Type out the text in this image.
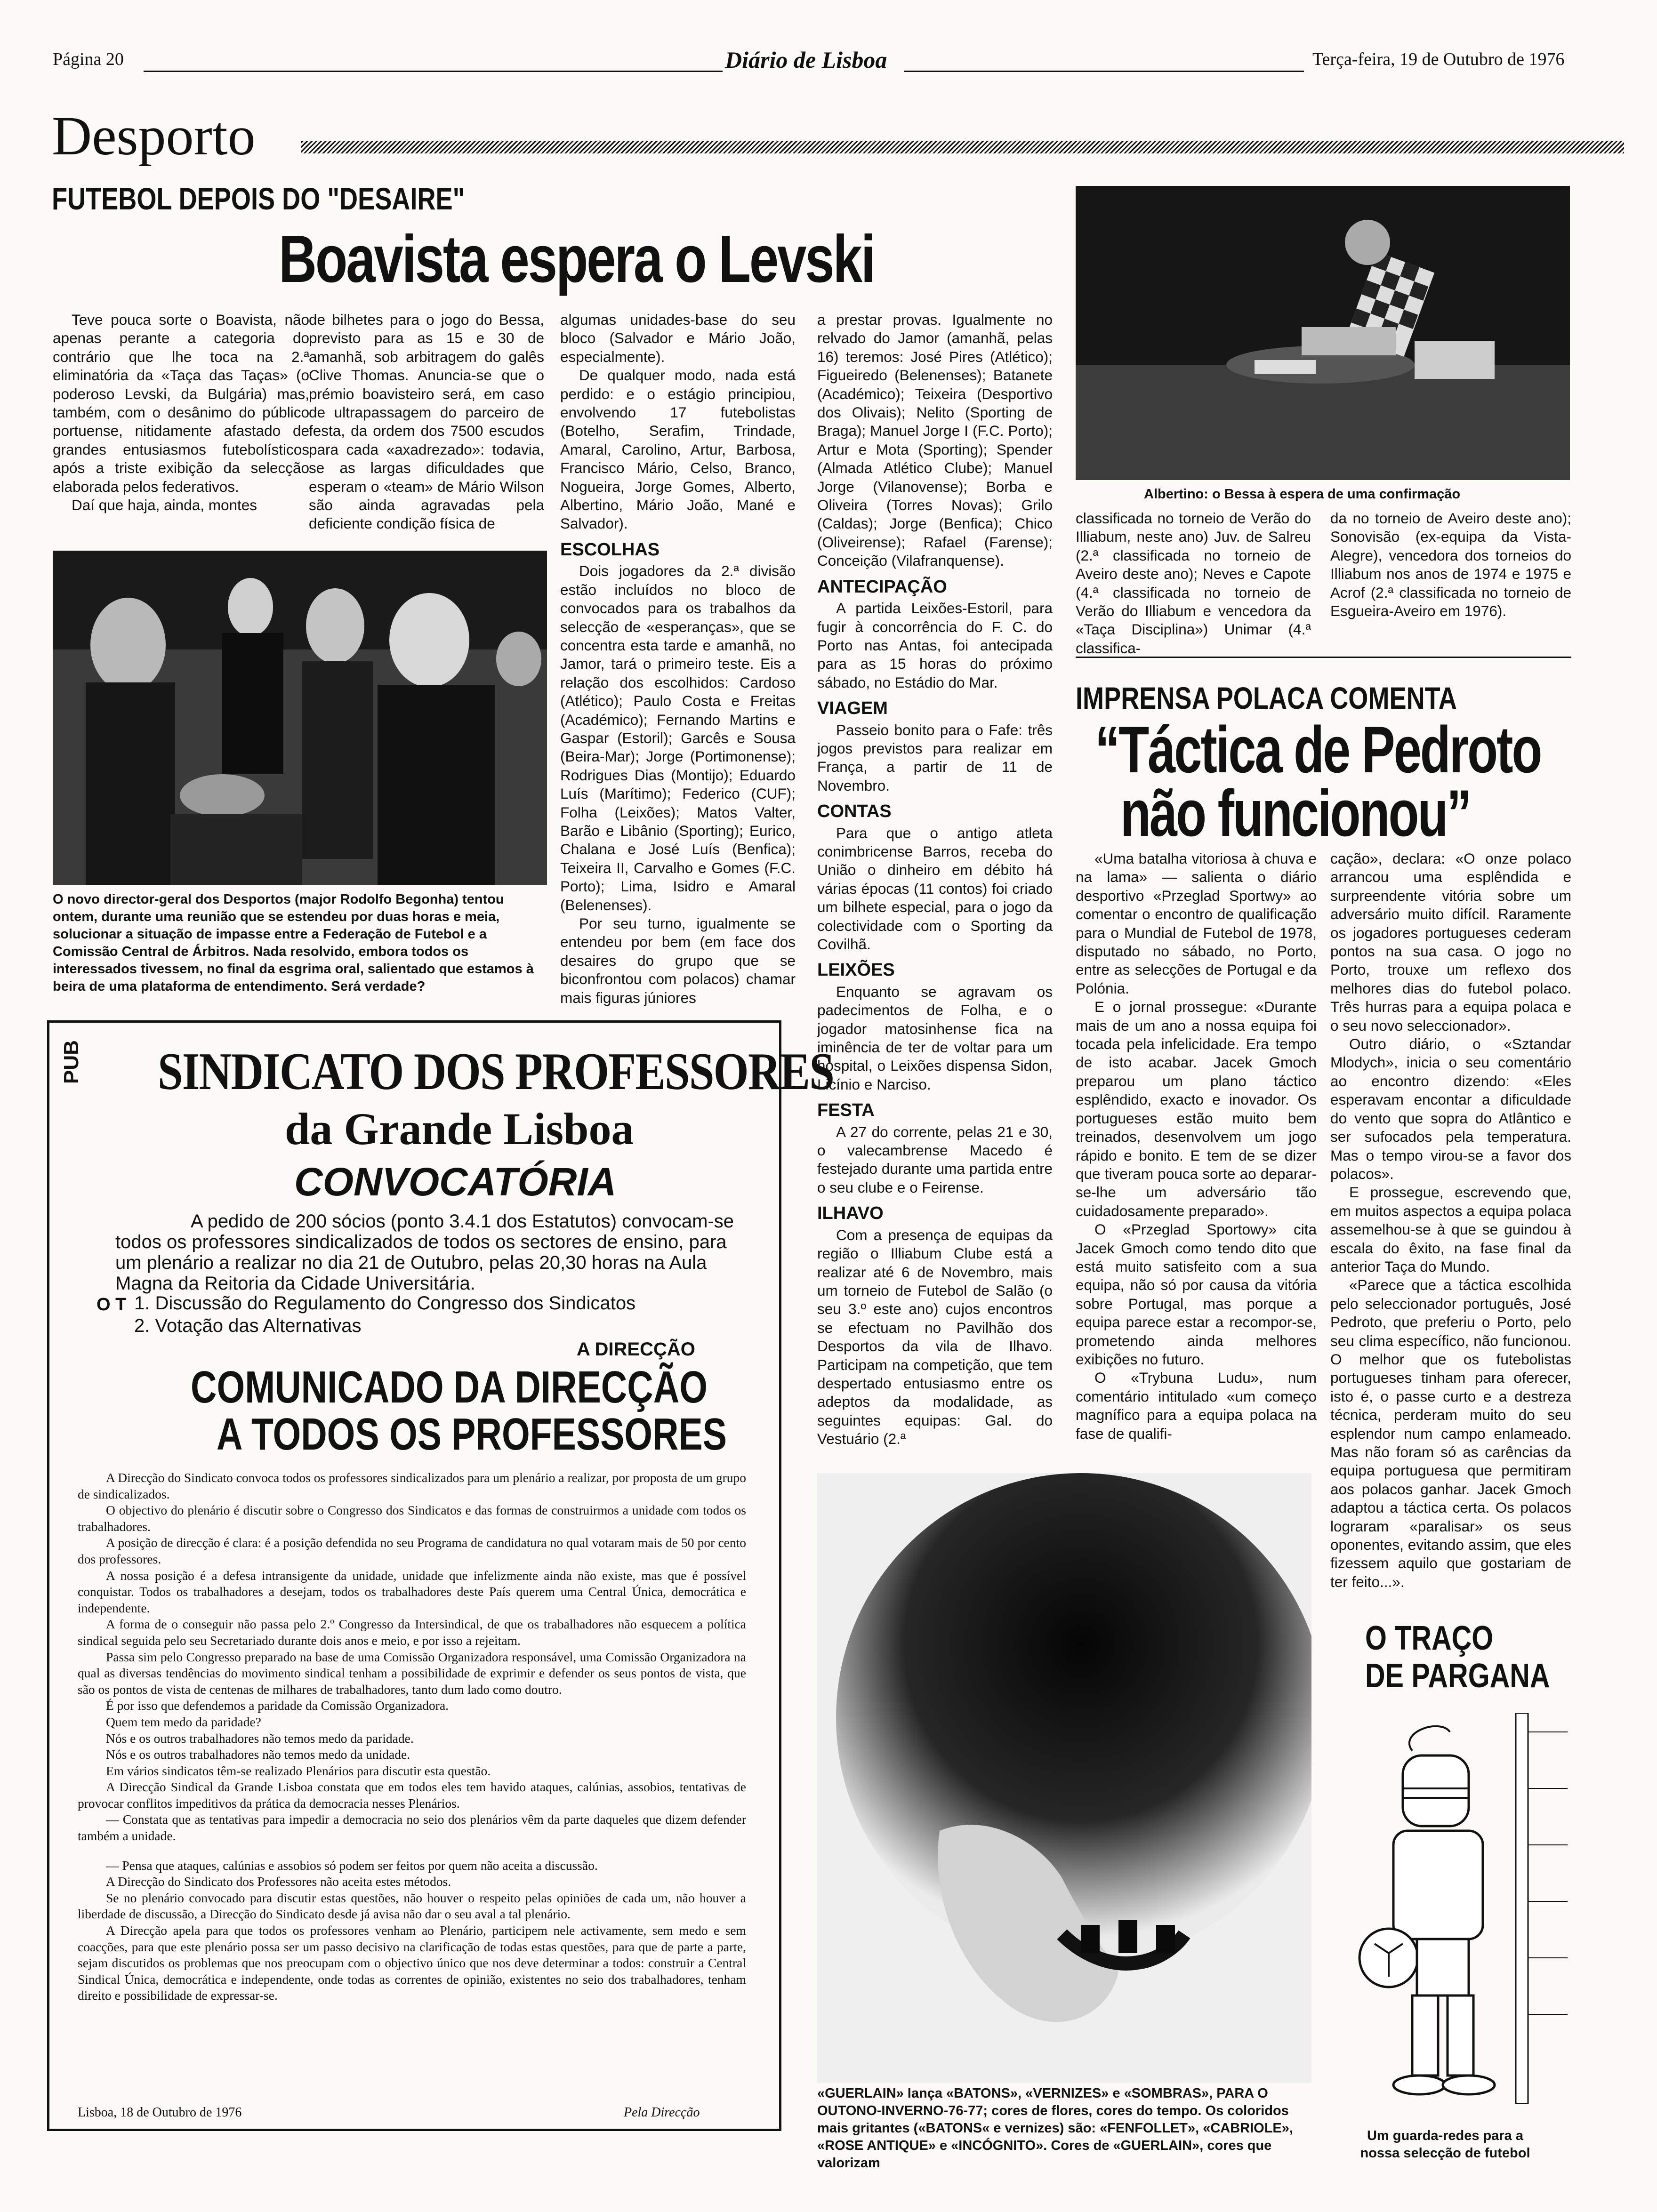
Página 20	Diário de Lisboa	Terça-feira, 19 de Outubro de 1976
Desporto
FUTEBOL DEPOIS DO "DESAIRE"
Boavista espera o Levski

Teve pouca sorte o Boavista, não apenas perante a categoria do contrário que lhe toca na 2.ª eliminatória da «Taça das Taças» (o poderoso Levski, da Bulgária) mas, também, com o desânimo do público portuense, nitidamente afastado de grandes entusiasmos futebolísticos após a triste exibição da selecção elaborada pelos federativos.

Daí que haja, ainda, montes

de bilhetes para o jogo do Bessa, previsto para as 15 e 30 de amanhã, sob arbitragem do galês Clive Thomas. Anuncia-se que o prémio boavisteiro será, em caso de ultrapassagem do parceiro de festa, da ordem dos 7500 escudos para cada «axadrezado»: todavia, se as largas dificuldades que esperam o «team» de Mário Wilson são ainda agravadas pela deficiente condição física de

O novo director-geral dos Desportos (major Rodolfo Begonha) tentou ontem, durante uma reunião que se estendeu por duas horas e meia, solucionar a situação de impasse entre a Federação de Futebol e a Comissão Central de Árbitros. Nada resolvido, embora todos os interessados tivessem, no final da esgrima oral, salientado que estamos à beira de uma plataforma de entendimento. Será verdade?

algumas unidades-base do seu bloco (Salvador e Mário João, especialmente).

De qualquer modo, nada está perdido: e o estágio principiou, envolvendo 17 futebolistas (Botelho, Serafim, Trindade, Amaral, Carolino, Artur, Barbosa, Francisco Mário, Celso, Branco, Nogueira, Jorge Gomes, Alberto, Albertino, Mário João, Mané e Salvador).

ESCOLHAS

Dois jogadores da 2.ª divisão estão incluídos no bloco de convocados para os trabalhos da selecção de «esperanças», que se concentra esta tarde e amanhã, no Jamor, tará o primeiro teste. Eis a relação dos escolhidos: Cardoso (Atlético); Paulo Costa e Freitas (Académico); Fernando Martins e Gaspar (Estoril); Garcês e Sousa (Beira-Mar); Jorge (Portimonense); Rodrigues Dias (Montijo); Eduardo Luís (Marítimo); Federico (CUF); Folha (Leixões); Matos Valter, Barão e Libânio (Sporting); Eurico, Chalana e José Luís (Benfica); Teixeira II, Carvalho e Gomes (F.C. Porto); Lima, Isidro e Amaral (Belenenses).

Por seu turno, igualmente se entendeu por bem (em face dos desaires do grupo que se biconfrontou com polacos) chamar mais figuras júniores

a prestar provas. Igualmente no relvado do Jamor (amanhã, pelas 16) teremos: José Pires (Atlético); Figueiredo (Belenenses); Batanete (Académico); Teixeira (Desportivo dos Olivais); Nelito (Sporting de Braga); Manuel Jorge I (F.C. Porto); Artur e Mota (Sporting); Spender (Almada Atlético Clube); Manuel Jorge (Vilanovense); Borba e Oliveira (Torres Novas); Grilo (Caldas); Jorge (Benfica); Chico (Oliveirense); Rafael (Farense); Conceição (Vilafranquense).

ANTECIPAÇÃO

A partida Leixões-Estoril, para fugir à concorrência do F. C. do Porto nas Antas, foi antecipada para as 15 horas do próximo sábado, no Estádio do Mar.

VIAGEM

Passeio bonito para o Fafe: três jogos previstos para realizar em França, a partir de 11 de Novembro.

CONTAS

Para que o antigo atleta conimbricense Barros, receba do União o dinheiro em débito há várias épocas (11 contos) foi criado um bilhete especial, para o jogo da colectividade com o Sporting da Covilhã.

LEIXÕES

Enquanto se agravam os padecimentos de Folha, e o jogador matosinhense fica na iminência de ter de voltar para um hospital, o Leixões dispensa Sidon, Licínio e Narciso.

FESTA

A 27 do corrente, pelas 21 e 30, o valecambrense Macedo é festejado durante uma partida entre o seu clube e o Feirense.

ILHAVO

Com a presença de equipas da região o Illiabum Clube está a realizar até 6 de Novembro, mais um torneio de Futebol de Salão (o seu 3.º este ano) cujos encontros se efectuam no Pavilhão dos Desportos da vila de Ilhavo. Participam na competição, que tem despertado entusiasmo entre os adeptos da modalidade, as seguintes equipas: Gal. do Vestuário (2.ª

Albertino: o Bessa à espera de uma confirmação

classificada no torneio de Verão do Illiabum, neste ano) Juv. de Salreu (2.ª classificada no torneio de Aveiro deste ano); Neves e Capote (4.ª classificada no torneio de Verão do Illiabum e vencedora da «Taça Disciplina») Unimar (4.ª classifica-

da no torneio de Aveiro deste ano); Sonovisão (ex-equipa da Vista-Alegre), vencedora dos torneios do Illiabum nos anos de 1974 e 1975 e Acrof (2.ª classificada no torneio de Esgueira-Aveiro em 1976).

IMPRENSA POLACA COMENTA
“Táctica de Pedroto
não funcionou”

«Uma batalha vitoriosa à chuva e na lama» — salienta o diário desportivo «Przeglad Sportwy» ao comentar o encontro de qualificação para o Mundial de Futebol de 1978, disputado no sábado, no Porto, entre as selecções de Portugal e da Polónia.

E o jornal prossegue: «Durante mais de um ano a nossa equipa foi tocada pela infelicidade. Era tempo de isto acabar. Jacek Gmoch preparou um plano táctico esplêndido, exacto e inovador. Os portugueses estão muito bem treinados, desenvolvem um jogo rápido e bonito. E tem de se dizer que tiveram pouca sorte ao deparar-se-lhe um adversário tão cuidadosamente preparado».

O «Przeglad Sportowy» cita Jacek Gmoch como tendo dito que está muito satisfeito com a sua equipa, não só por causa da vitória sobre Portugal, mas porque a equipa parece estar a recompor-se, prometendo ainda melhores exibições no futuro.

O «Trybuna Ludu», num comentário intitulado «um começo magnífico para a equipa polaca na fase de qualifi-

cação», declara: «O onze polaco arrancou uma esplêndida e surpreendente vitória sobre um adversário muito difícil. Raramente os jogadores portugueses cederam pontos na sua casa. O jogo no Porto, trouxe um reflexo dos melhores dias do futebol polaco. Três hurras para a equipa polaca e o seu novo seleccionador».

Outro diário, o «Sztandar Mlodych», inicia o seu comentário ao encontro dizendo: «Eles esperavam encontar a dificuldade do vento que sopra do Atlântico e ser sufocados pela temperatura. Mas o tempo virou-se a favor dos polacos».

E prossegue, escrevendo que, em muitos aspectos a equipa polaca assemelhou-se à que se guindou à escala do êxito, na fase final da anterior Taça do Mundo.

«Parece que a táctica escolhida pelo seleccionador português, José Pedroto, que preferiu o Porto, pelo seu clima específico, não funcionou. O melhor que os futebolistas portugueses tinham para oferecer, isto é, o passe curto e a destreza técnica, perderam muito do seu esplendor num campo enlameado. Mas não foram só as carências da equipa portuguesa que permitiram aos polacos ganhar. Jacek Gmoch adaptou a táctica certa. Os polacos lograram «paralisar» os seus oponentes, evitando assim, que eles fizessem aquilo que gostariam de ter feito...».

PUB SINDICATO DOS PROFESSORES
da Grande Lisboa
CONVOCATÓRIA
A pedido de 200 sócios (ponto 3.4.1 dos Estatutos) convocam-se todos os professores sindicalizados de todos os sectores de ensino, para um plenário a realizar no dia 21 de Outubro, pelas 20,30 horas na Aula Magna da Reitoria da Cidade Universitária.
O T 1. Discussão do Regulamento do Congresso dos Sindicatos
2. Votação das Alternativas
A DIRECÇÃO
COMUNICADO DA DIRECÇÃO
A TODOS OS PROFESSORES

A Direcção do Sindicato convoca todos os professores sindicalizados para um plenário a realizar, por proposta de um grupo de sindicalizados.

O objectivo do plenário é discutir sobre o Congresso dos Sindicatos e das formas de construirmos a unidade com todos os trabalhadores.

A posição de direcção é clara: é a posição defendida no seu Programa de candidatura no qual votaram mais de 50 por cento dos professores.

A nossa posição é a defesa intransigente da unidade, unidade que infelizmente ainda não existe, mas que é possível conquistar. Todos os trabalhadores a desejam, todos os trabalhadores deste País querem uma Central Única, democrática e independente.

A forma de o conseguir não passa pelo 2.º Congresso da Intersindical, de que os trabalhadores não esquecem a política sindical seguida pelo seu Secretariado durante dois anos e meio, e por isso a rejeitam.

Passa sim pelo Congresso preparado na base de uma Comissão Organizadora responsável, uma Comissão Organizadora na qual as diversas tendências do movimento sindical tenham a possibilidade de exprimir e defender os seus pontos de vista, que são os pontos de vista de centenas de milhares de trabalhadores, tanto dum lado como doutro.

É por isso que defendemos a paridade da Comissão Organizadora.

Quem tem medo da paridade?

Nós e os outros trabalhadores não temos medo da paridade.

Nós e os outros trabalhadores não temos medo da unidade.

Em vários sindicatos têm-se realizado Plenários para discutir esta questão.

A Direcção Sindical da Grande Lisboa constata que em todos eles tem havido ataques, calúnias, assobios, tentativas de provocar conflitos impeditivos da prática da democracia nesses Plenários.

— Constata que as tentativas para impedir a democracia no seio dos plenários vêm da parte daqueles que dizem defender também a unidade.

— Pensa que ataques, calúnias e assobios só podem ser feitos por quem não aceita a discussão.

A Direcção do Sindicato dos Professores não aceita estes métodos.

Se no plenário convocado para discutir estas questões, não houver o respeito pelas opiniões de cada um, não houver a liberdade de discussão, a Direcção do Sindicato desde já avisa não dar o seu aval a tal plenário.

A Direcção apela para que todos os professores venham ao Plenário, participem nele activamente, sem medo e sem coacções, para que este plenário possa ser um passo decisivo na clarificação de todas estas questões, para que de parte a parte, sejam discutidos os problemas que nos preocupam com o objectivo único que nos deve determinar a todos: construir a Central Sindical Única, democrática e independente, onde todas as correntes de opinião, existentes no seio dos trabalhadores, tenham direito e possibilidade de expressar-se.

Lisboa, 18 de Outubro de 1976	Pela Direcção
«GUERLAIN» lança «BATONS», «VERNIZES» e «SOMBRAS», PARA O OUTONO-INVERNO-76-77; cores de flores, cores do tempo. Os coloridos mais gritantes («BATONS« e vernizes) são: «FENFOLLET», «CABRIOLE», «ROSE ANTIQUE» e «INCÓGNITO». Cores de «GUERLAIN», cores que valorizam
O TRAÇO
DE PARGANA
Um guarda-redes para a nossa selecção de futebol
